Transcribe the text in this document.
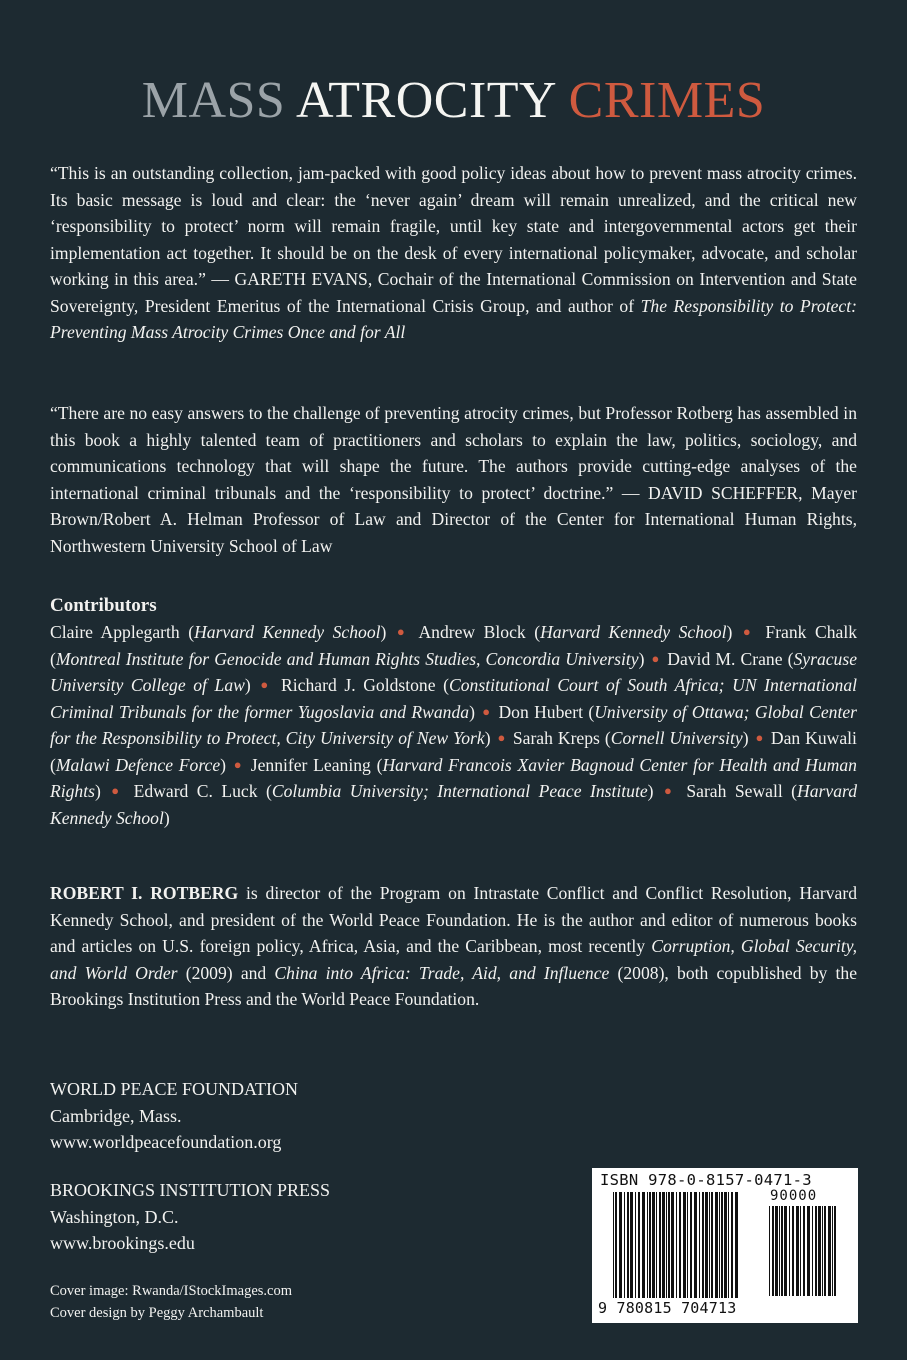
MASS ATROCITY CRIMES

“This is an outstanding collection, jam-packed with good policy ideas about how to prevent mass atrocity crimes. Its basic message is loud and clear: the ‘never again’ dream will remain unrealized, and the critical new ‘responsibility to protect’ norm will remain fragile, until key state and intergovernmental actors get their implementation act together. It should be on the desk of every international policymaker, advocate, and scholar working in this area.” — GARETH EVANS, Cochair of the International Commission on Intervention and State Sovereignty, President Emeritus of the International Crisis Group, and author of The Responsibility to Protect: Preventing Mass Atrocity Crimes Once and for All

“There are no easy answers to the challenge of preventing atrocity crimes, but Professor Rotberg has assembled in this book a highly talented team of practitioners and scholars to explain the law, politics, sociology, and communications technology that will shape the future. The authors provide cutting-edge analyses of the international criminal tribunals and the ‘responsibility to protect’ doctrine.” — DAVID SCHEFFER, Mayer Brown/Robert A. Helman Professor of Law and Director of the Center for International Human Rights, Northwestern University School of Law

Contributors

Claire Applegarth (Harvard Kennedy School) ● Andrew Block (Harvard Kennedy School) ● Frank Chalk (Montreal Institute for Genocide and Human Rights Studies, Concordia University) ● David M. Crane (Syracuse University College of Law) ● Richard J. Goldstone (Constitutional Court of South Africa; UN International Criminal Tribunals for the former Yugoslavia and Rwanda) ● Don Hubert (University of Ottawa; Global Center for the Responsibility to Protect, City University of New York) ● Sarah Kreps (Cornell University) ● Dan Kuwali (Malawi Defence Force) ● Jennifer Leaning (Harvard Francois Xavier Bagnoud Center for Health and Human Rights) ● Edward C. Luck (Columbia University; International Peace Institute) ● Sarah Sewall (Harvard Kennedy School)

ROBERT I. ROTBERG is director of the Program on Intrastate Conflict and Conflict Resolution, Harvard Kennedy School, and president of the World Peace Foundation. He is the author and editor of numerous books and articles on U.S. foreign policy, Africa, Asia, and the Caribbean, most recently Corruption, Global Security, and World Order (2009) and China into Africa: Trade, Aid, and Influence (2008), both copublished by the Brookings Institution Press and the World Peace Foundation.

WORLD PEACE FOUNDATION
Cambridge, Mass.
www.worldpeacefoundation.org
BROOKINGS INSTITUTION PRESS
Washington, D.C.
www.brookings.edu
Cover image: Rwanda/IStockImages.com
Cover design by Peggy Archambault
ISBN 978-0-8157-0471-3
90000
9 780815 704713
